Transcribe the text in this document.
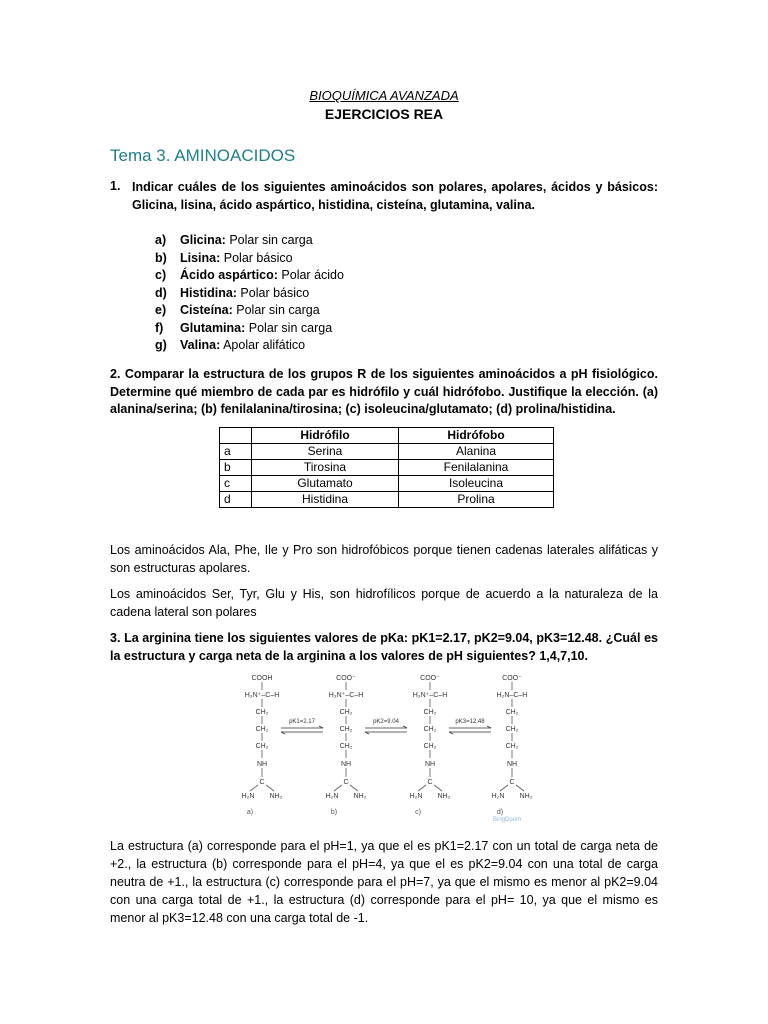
BIOQUÍMICA AVANZADA
EJERCICIOS REA
Tema 3. AMINOACIDOS
1. Indicar cuáles de los siguientes aminoácidos son polares, apolares, ácidos y básicos: Glicina, lisina, ácido aspártico, histidina, cisteína, glutamina, valina.
a)	Glicina: Polar sin carga
b)	Lisina: Polar básico
c)	Ácido aspártico: Polar ácido
d)	Histidina: Polar básico
e)	Cisteína: Polar sin carga
f)	Glutamina: Polar sin carga
g)	Valina: Apolar alifático
2. Comparar la estructura de los grupos R de los siguientes aminoácidos a pH fisiológico. Determine qué miembro de cada par es hidrófilo y cuál hidrófobo. Justifique la elección. (a) alanina/serina; (b) fenilalanina/tirosina; (c) isoleucina/glutamato; (d) prolina/histidina.
	Hidrófilo	Hidrófobo
a	Serina	Alanina
b	Tirosina	Fenilalanina
c	Glutamato	Isoleucina
d	Histidina	Prolina
Los aminoácidos Ala, Phe, Ile y Pro son hidrofóbicos porque tienen cadenas laterales alifáticas y son estructuras apolares.
Los aminoácidos Ser, Tyr, Glu y His, son hidrofílicos porque de acuerdo a la naturaleza de la cadena lateral son polares
3. La arginina tiene los siguientes valores de pKa: pK1=2.17, pK2=9.04, pK3=12.48. ¿Cuál es la estructura y carga neta de la arginina a los valores de pH siguientes? 1,4,7,10.
COOH
H₃N⁺–C–H
CH₂
CH₂
CH₂
NH
C
H₂N NH₂
a)
COO⁻
H₃N⁺–C–H
CH₂
CH₂
CH₂
NH
C
H₂N NH₂
b)
COO⁻
H₃N⁺–C–H
CH₂
CH₂
CH₂
NH
C
H₂N NH₂
c)
COO⁻
H₂N–C–H
CH₂
CH₂
CH₂
NH
C
H₂N NH₂
d)
pK1=2.17	pK2=9.04	pK3=12.48
BingDoom
La estructura (a) corresponde para el pH=1, ya que el es pK1=2.17 con un total de carga neta de +2., la estructura (b) corresponde para el pH=4, ya que el es pK2=9.04 con una total de carga neutra de +1., la estructura (c) corresponde para el pH=7, ya que el mismo es menor al pK2=9.04 con una carga total de +1., la estructura (d) corresponde para el pH= 10, ya que el mismo es menor al pK3=12.48 con una carga total de -1.
